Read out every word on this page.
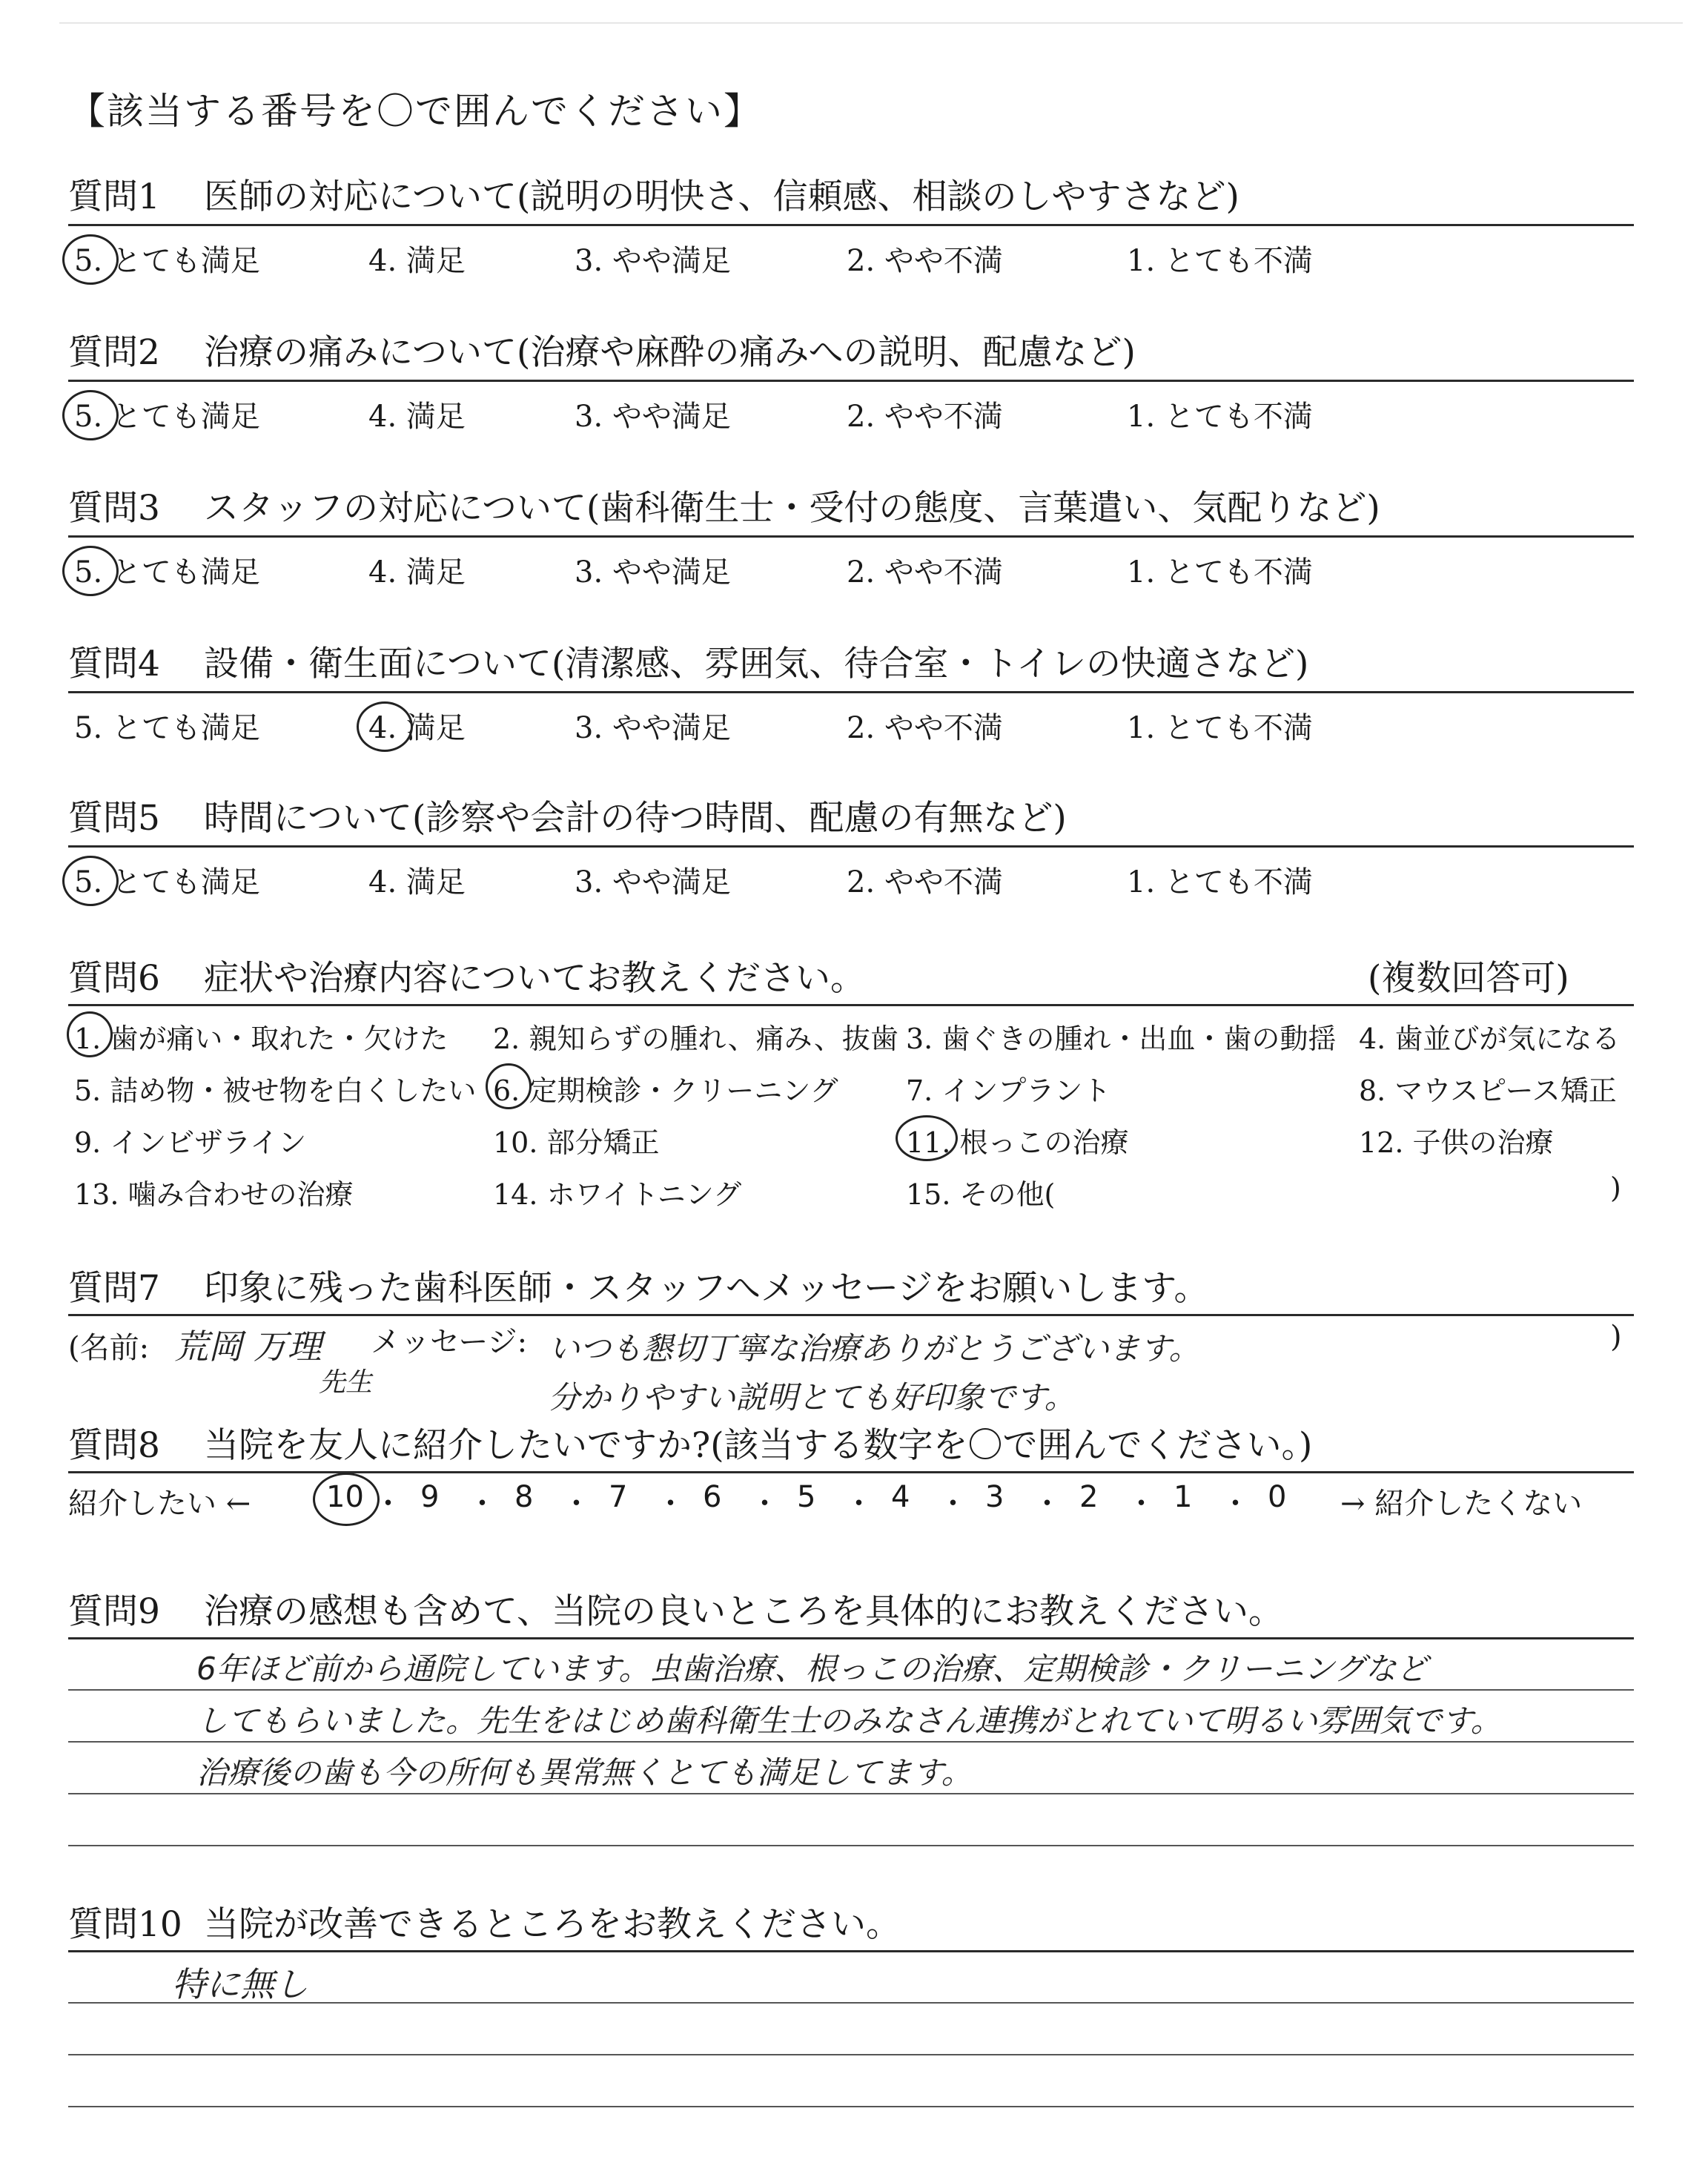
【該当する番号を〇で囲んでください】
質問6 症状や治療内容についてお教えください。	(複数回答可)
質問7 印象に残った歯科医師・スタッフへメッセージをお願いします。
(名前: 荒岡 万理
先生
メッセージ: いつも懇切丁寧な治療ありがとうございます。
分かりやすい説明とても好印象です。
)
質問8 当院を友人に紹介したいですか?(該当する数字を〇で囲んでください。)
紹介したい ←	→ 紹介したくない
質問9 治療の感想も含めて、当院の良いところを具体的にお教えください。
6年ほど前から通院しています。虫歯治療、根っこの治療、定期検診・クリーニングなど
してもらいました。先生をはじめ歯科衛生士のみなさん連携がとれていて明るい雰囲気です。
治療後の歯も今の所何も異常無くとても満足してます。
質問10 当院が改善できるところをお教えください。
特に無し
質問1 医師の対応について(説明の明快さ、信頼感、相談のしやすさなど)
5. とても満足	4. 満足	3. やや満足	2. やや不満	1. とても不満
質問2 治療の痛みについて(治療や麻酔の痛みへの説明、配慮など)
5. とても満足	4. 満足	3. やや満足	2. やや不満	1. とても不満
質問3 スタッフの対応について(歯科衛生士・受付の態度、言葉遣い、気配りなど)
5. とても満足	4. 満足	3. やや満足	2. やや不満	1. とても不満
質問4 設備・衛生面について(清潔感、雰囲気、待合室・トイレの快適さなど)
5. とても満足	4. 満足	3. やや満足	2. やや不満	1. とても不満
質問5 時間について(診察や会計の待つ時間、配慮の有無など)
5. とても満足	4. 満足	3. やや満足	2. やや不満	1. とても不満
1. 歯が痛い・取れた・欠けた 2. 親知らずの腫れ、痛み、抜歯 3. 歯ぐきの腫れ・出血・歯の動揺 4. 歯並びが気になる
5. 詰め物・被せ物を白くしたい 6. 定期検診・クリーニング 7. インプラント	8. マウスピース矯正
9. インビザライン	10. 部分矯正	11. 根っこの治療	12. 子供の治療
13. 噛み合わせの治療	14. ホワイトニング	15. その他(	)
10 ・ 9 ・ 8 ・ 7 ・ 6 ・ 5 ・ 4 ・ 3 ・ 2 ・ 1 ・ 0
